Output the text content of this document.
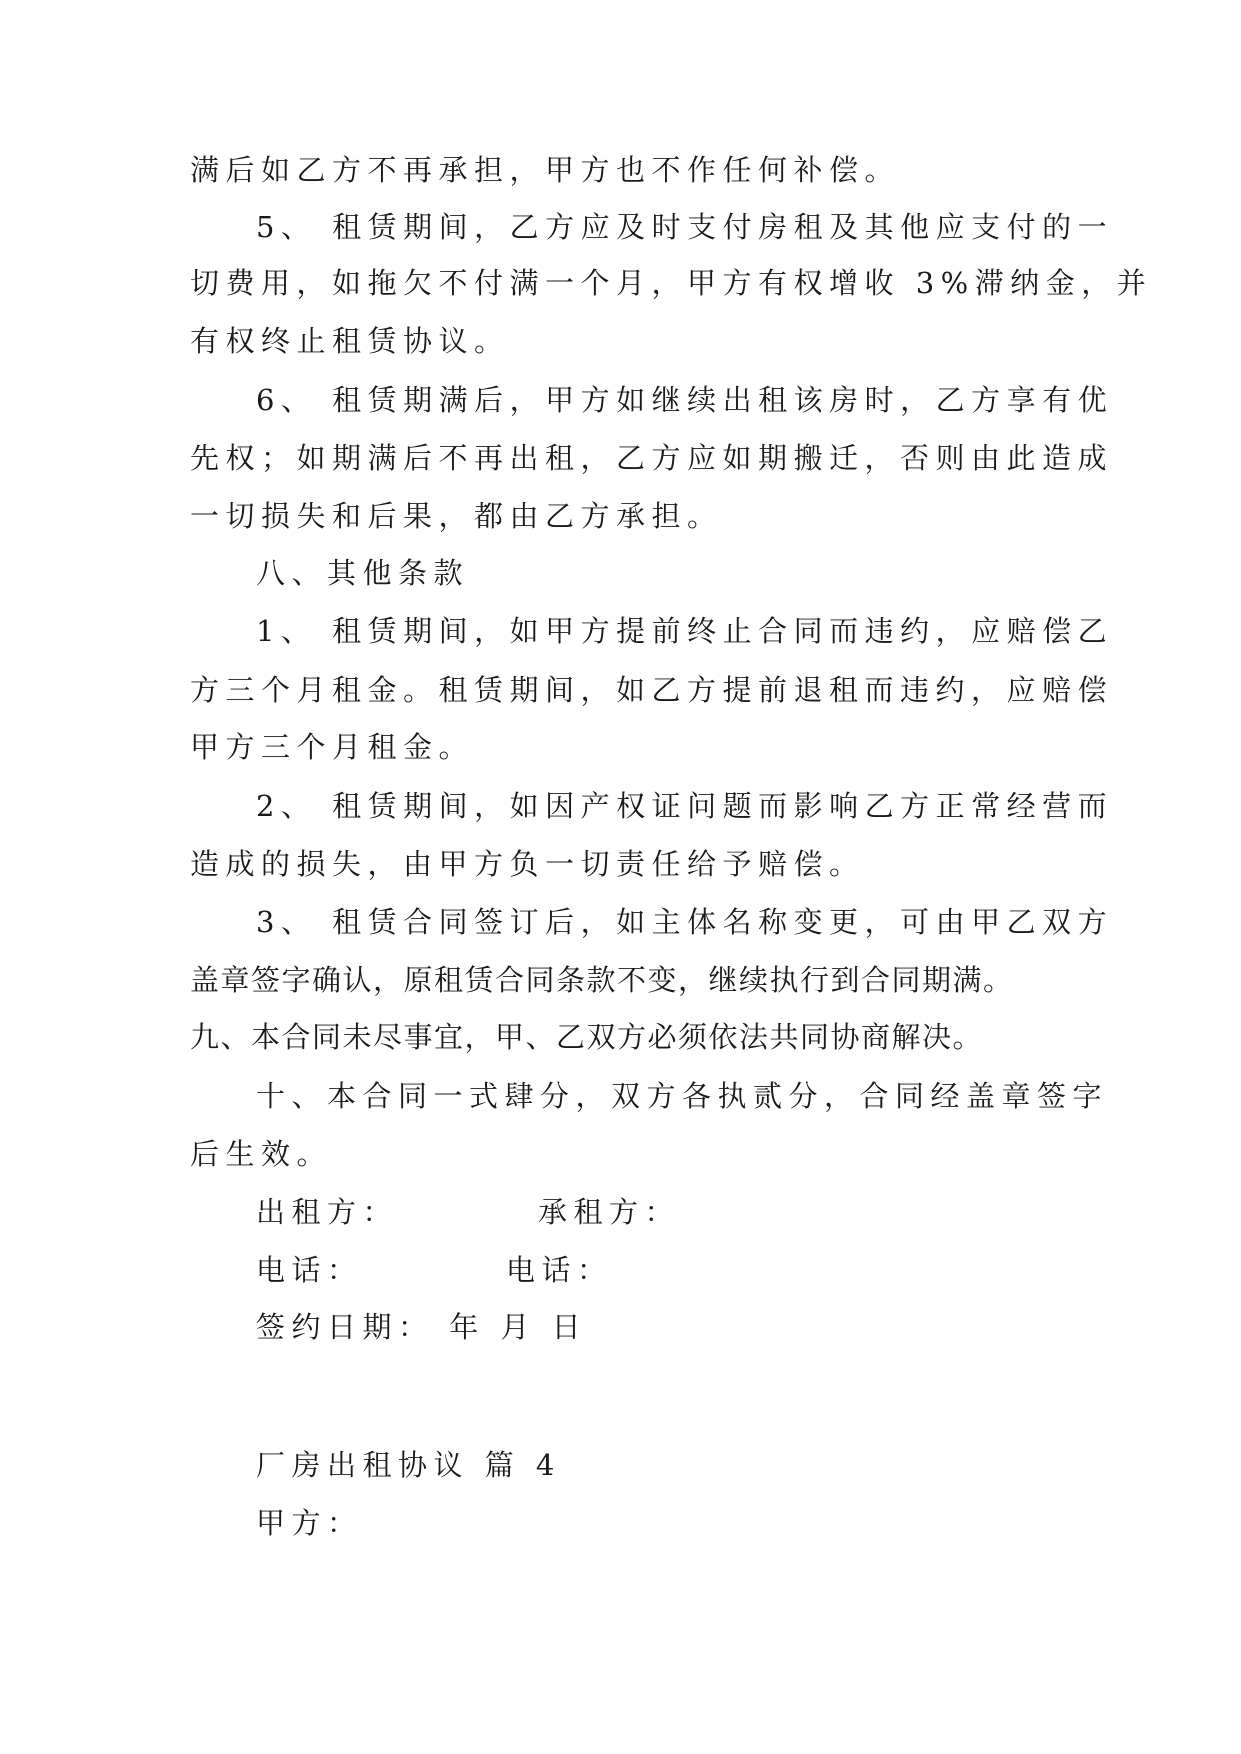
满后如乙方不再承担，甲方也不作任何补偿。
5、 租赁期间，乙方应及时支付房租及其他应支付的一
切费用，如拖欠不付满一个月，甲方有权增收 3%滞纳金，并
有权终止租赁协议。
6、 租赁期满后，甲方如继续出租该房时，乙方享有优
先权；如期满后不再出租，乙方应如期搬迁，否则由此造成
一切损失和后果，都由乙方承担。
八、其他条款
1、 租赁期间，如甲方提前终止合同而违约，应赔偿乙
方三个月租金。租赁期间，如乙方提前退租而违约，应赔偿
甲方三个月租金。
2、 租赁期间，如因产权证问题而影响乙方正常经营而
造成的损失，由甲方负一切责任给予赔偿。
3、 租赁合同签订后，如主体名称变更，可由甲乙双方
盖章签字确认，原租赁合同条款不变，继续执行到合同期满。
九、本合同未尽事宜，甲、乙双方必须依法共同协商解决。
十、本合同一式肆分，双方各执贰分，合同经盖章签字
后生效。
出租方：	承租方：
电话：	电话：
签约日期： 年 月 日
厂房出租协议 篇 4
甲方：
